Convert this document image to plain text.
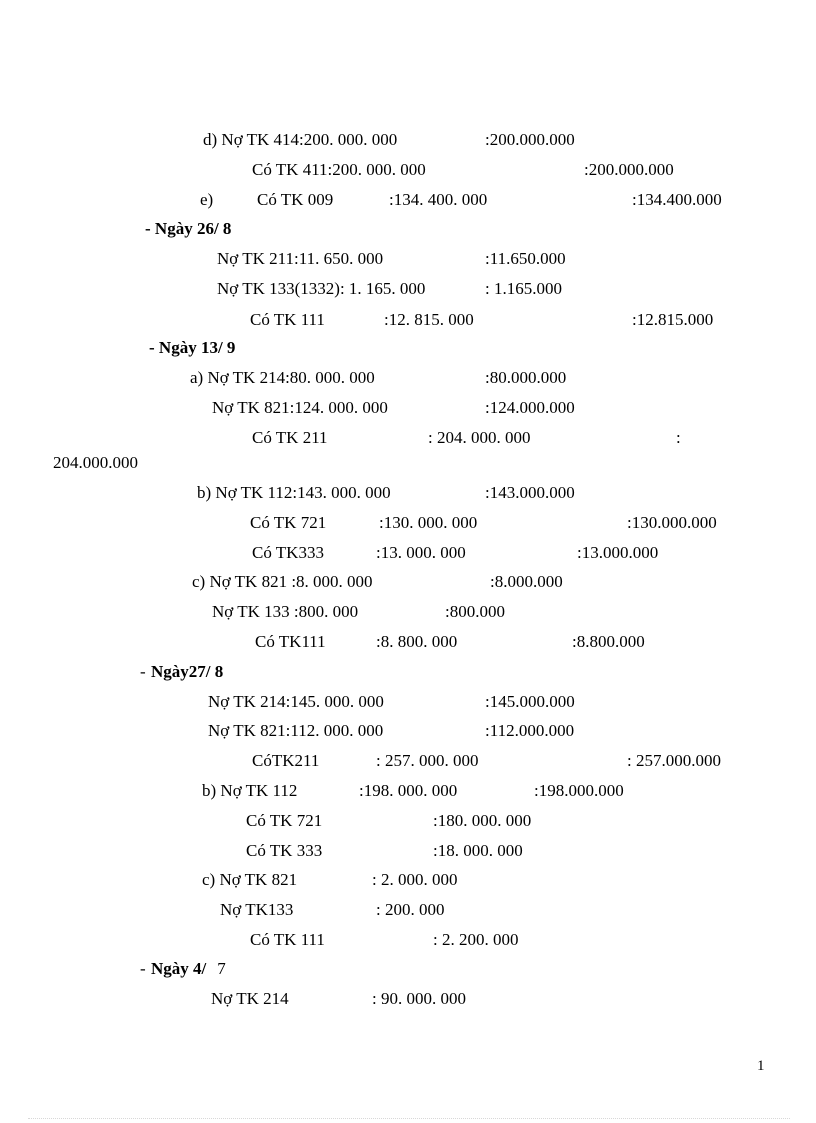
d) Nợ TK 414:200. 000. 000	:200.000.000
Có TK 411:200. 000. 000	:200.000.000
e)	Có TK 009	:134. 400. 000	:134.400.000
- Ngày 26/ 8
Nợ TK 211:11. 650. 000	:11.650.000
Nợ TK 133(1332): 1. 165. 000	: 1.165.000
Có TK 111	:12. 815. 000	:12.815.000
- Ngày 13/ 9
a) Nợ TK 214:80. 000. 000	:80.000.000
Nợ TK 821:124. 000. 000	:124.000.000
Có TK 211	: 204. 000. 000	:
204.000.000
b) Nợ TK 112:143. 000. 000	:143.000.000
Có TK 721	:130. 000. 000	:130.000.000
Có TK333	:13. 000. 000	:13.000.000
c) Nợ TK 821 :8. 000. 000	:8.000.000
Nợ TK 133 :800. 000	:800.000
Có TK111	:8. 800. 000	:8.800.000
- Ngày27/ 8
Nợ TK 214:145. 000. 000	:145.000.000
Nợ TK 821:112. 000. 000	:112.000.000
CóTK211	: 257. 000. 000	: 257.000.000
b) Nợ TK 112	:198. 000. 000	:198.000.000
Có TK 721	:180. 000. 000
Có TK 333	:18. 000. 000
c) Nợ TK 821	: 2. 000. 000
Nợ TK133	: 200. 000
Có TK 111	: 2. 200. 000
- Ngày 4/ 7
Nợ TK 214	: 90. 000. 000
1
